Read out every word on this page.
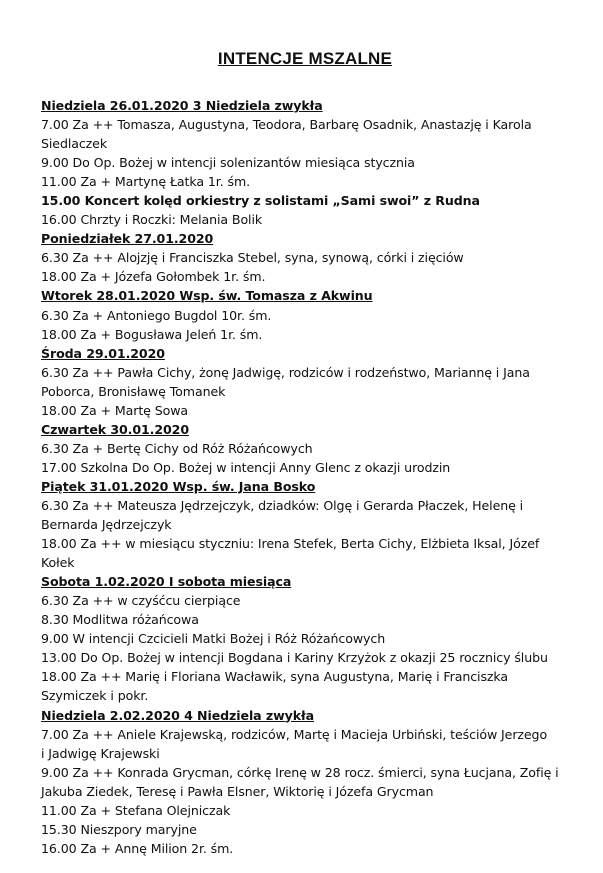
INTENCJE MSZALNE
Niedziela 26.01.2020 3 Niedziela zwykła
7.00 Za ++ Tomasza, Augustyna, Teodora, Barbarę Osadnik, Anastazję i Karola
Siedlaczek
9.00 Do Op. Bożej w intencji solenizantów miesiąca stycznia
11.00 Za + Martynę Łatka 1r. śm.
15.00 Koncert kolęd orkiestry z solistami „Sami swoi” z Rudna
16.00 Chrzty i Roczki: Melania Bolik
Poniedziałek 27.01.2020
6.30 Za ++ Alojzję i Franciszka Stebel, syna, synową, córki i zięciów
18.00 Za + Józefa Gołombek 1r. śm.
Wtorek 28.01.2020 Wsp. św. Tomasza z Akwinu
6.30 Za + Antoniego Bugdol 10r. śm.
18.00 Za + Bogusława Jeleń 1r. śm.
Środa 29.01.2020
6.30 Za ++ Pawła Cichy, żonę Jadwigę, rodziców i rodzeństwo, Mariannę i Jana
Poborca, Bronisławę Tomanek
18.00 Za + Martę Sowa
Czwartek 30.01.2020
6.30 Za + Bertę Cichy od Róż Różańcowych
17.00 Szkolna Do Op. Bożej w intencji Anny Glenc z okazji urodzin
Piątek 31.01.2020 Wsp. św. Jana Bosko
6.30 Za ++ Mateusza Jędrzejczyk, dziadków: Olgę i Gerarda Płaczek, Helenę i
Bernarda Jędrzejczyk
18.00 Za ++ w miesiącu styczniu: Irena Stefek, Berta Cichy, Elżbieta Iksal, Józef
Kołek
Sobota 1.02.2020 I sobota miesiąca
6.30 Za ++ w czyśćcu cierpiące
8.30 Modlitwa różańcowa
9.00 W intencji Czcicieli Matki Bożej i Róż Różańcowych
13.00 Do Op. Bożej w intencji Bogdana i Kariny Krzyżok z okazji 25 rocznicy ślubu
18.00 Za ++ Marię i Floriana Wacławik, syna Augustyna, Marię i Franciszka
Szymiczek i pokr.
Niedziela 2.02.2020 4 Niedziela zwykła
7.00 Za ++ Aniele Krajewską, rodziców, Martę i Macieja Urbiński, teściów Jerzego
i Jadwigę Krajewski
9.00 Za ++ Konrada Grycman, córkę Irenę w 28 rocz. śmierci, syna Łucjana, Zofię i
Jakuba Ziedek, Teresę i Pawła Elsner, Wiktorię i Józefa Grycman
11.00 Za + Stefana Olejniczak
15.30 Nieszpory maryjne
16.00 Za + Annę Milion 2r. śm.
